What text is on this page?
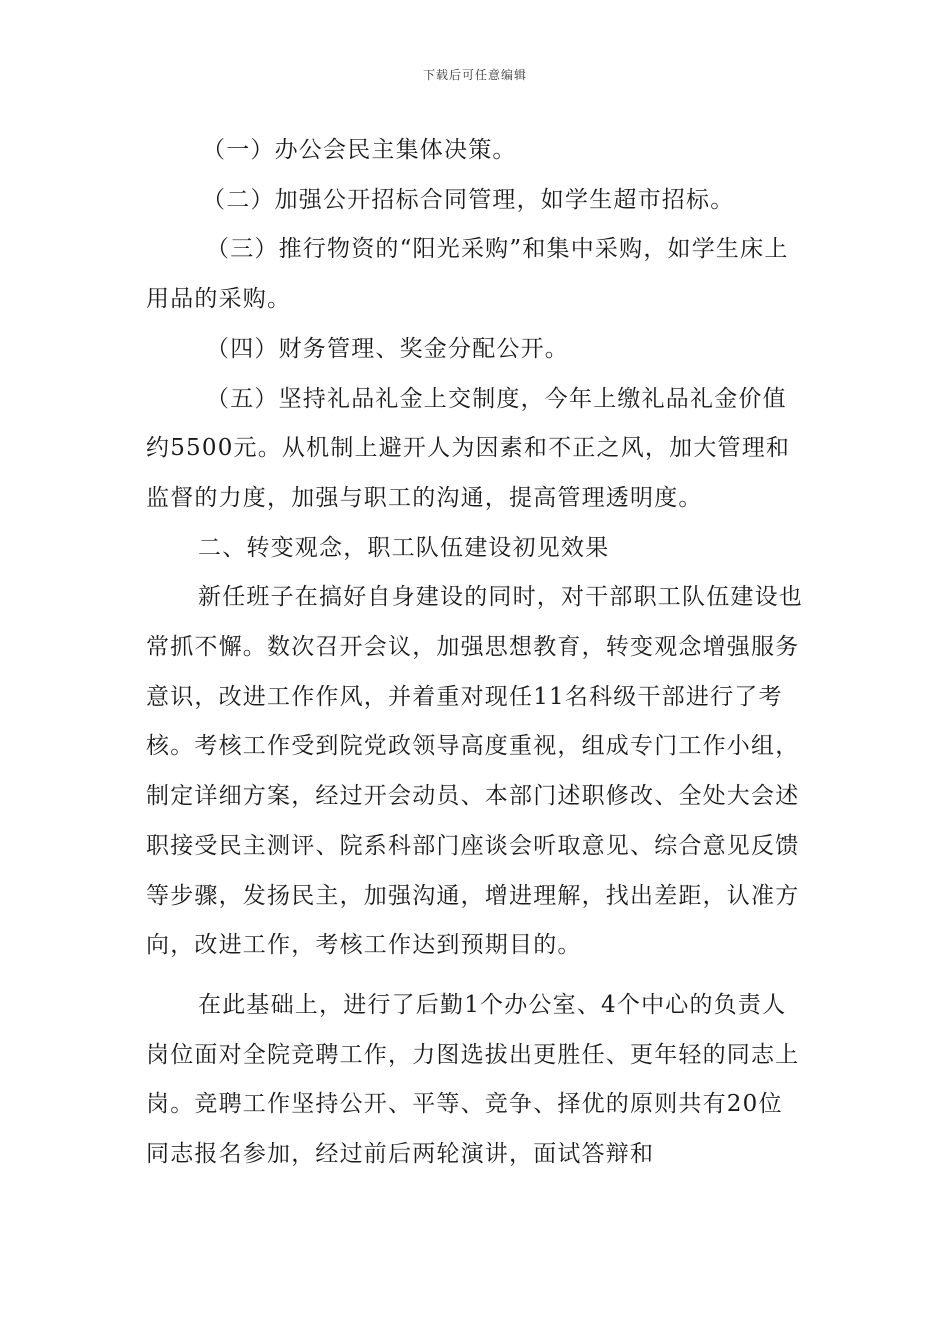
下载后可任意编辑

（一）办公会民主集体决策。

（二）加强公开招标合同管理，如学生超市招标。

（三）推行物资的“阳光采购”和集中采购，如学生床上用品的采购。

（四）财务管理、奖金分配公开。

（五）坚持礼品礼金上交制度，今年上缴礼品礼金价值约5500元。从机制上避开人为因素和不正之风，加大管理和监督的力度，加强与职工的沟通，提高管理透明度。

二、转变观念，职工队伍建设初见效果

新任班子在搞好自身建设的同时，对干部职工队伍建设也常抓不懈。数次召开会议，加强思想教育，转变观念增强服务意识，改进工作作风，并着重对现任11名科级干部进行了考核。考核工作受到院党政领导高度重视，组成专门工作小组，制定详细方案，经过开会动员、本部门述职修改、全处大会述职接受民主测评、院系科部门座谈会听取意见、综合意见反馈等步骤，发扬民主，加强沟通，增进理解，找出差距，认准方向，改进工作，考核工作达到预期目的。

在此基础上，进行了后勤1个办公室、4个中心的负责人岗位面对全院竞聘工作，力图选拔出更胜任、更年轻的同志上岗。竞聘工作坚持公开、平等、竞争、择优的原则共有20位同志报名参加，经过前后两轮演讲，面试答辩和
